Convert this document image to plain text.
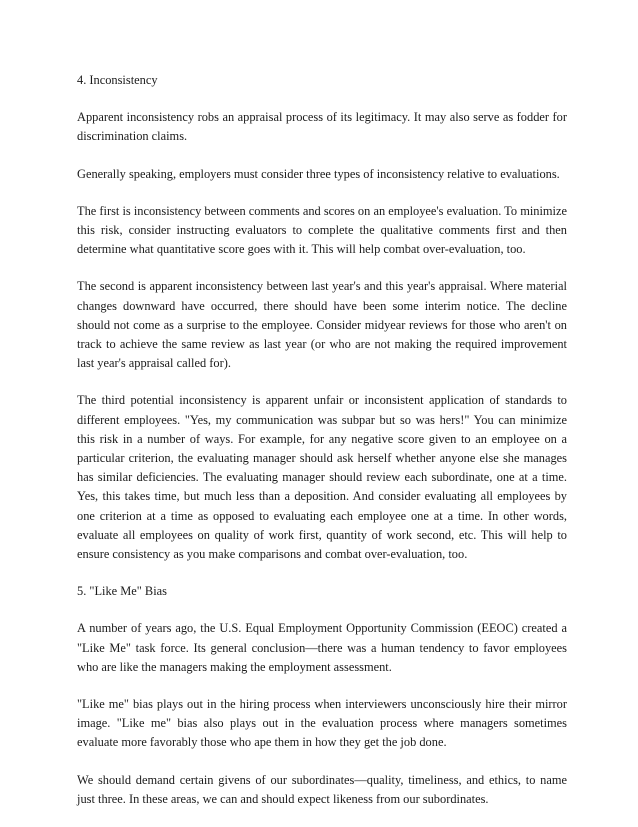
4. Inconsistency

Apparent inconsistency robs an appraisal process of its legitimacy. It may also serve as fodder for discrimination claims.

Generally speaking, employers must consider three types of inconsistency relative to evaluations.

The first is inconsistency between comments and scores on an employee's evaluation. To minimize this risk, consider instructing evaluators to complete the qualitative comments first and then determine what quantitative score goes with it. This will help combat over-evaluation, too.

The second is apparent inconsistency between last year's and this year's appraisal. Where material changes downward have occurred, there should have been some interim notice. The decline should not come as a surprise to the employee. Consider midyear reviews for those who aren't on track to achieve the same review as last year (or who are not making the required improvement last year's appraisal called for).

The third potential inconsistency is apparent unfair or inconsistent application of standards to different employees. "Yes, my communication was subpar but so was hers!" You can minimize this risk in a number of ways. For example, for any negative score given to an employee on a particular criterion, the evaluating manager should ask herself whether anyone else she manages has similar deficiencies. The evaluating manager should review each subordinate, one at a time. Yes, this takes time, but much less than a deposition. And consider evaluating all employees by one criterion at a time as opposed to evaluating each employee one at a time. In other words, evaluate all employees on quality of work first, quantity of work second, etc. This will help to ensure consistency as you make comparisons and combat over-evaluation, too.

5. "Like Me" Bias

A number of years ago, the U.S. Equal Employment Opportunity Commission (EEOC) created a "Like Me" task force. Its general conclusion—there was a human tendency to favor employees who are like the managers making the employment assessment.

"Like me" bias plays out in the hiring process when interviewers unconsciously hire their mirror image. "Like me" bias also plays out in the evaluation process where managers sometimes evaluate more favorably those who ape them in how they get the job done.

We should demand certain givens of our subordinates—quality, timeliness, and ethics, to name just three. In these areas, we can and should expect likeness from our subordinates.
